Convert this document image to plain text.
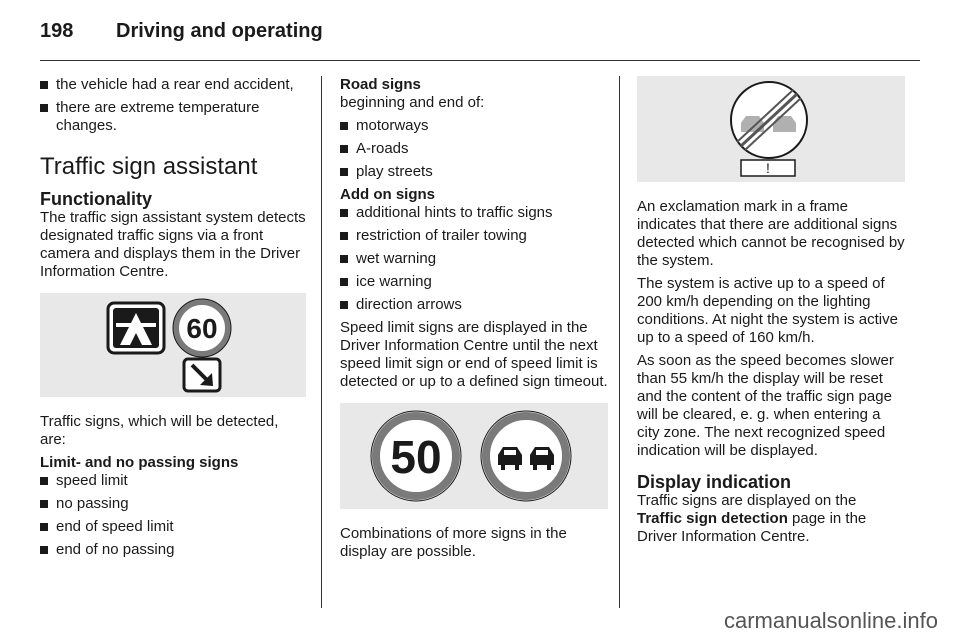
198 Driving and operating
the vehicle had a rear end accident,
there are extreme temperature changes.
Traffic sign assistant
Functionality

The traffic sign assistant system detects designated traffic signs via a front camera and displays them in the Driver Information Centre.

60

Traffic signs, which will be detected, are:

Limit- and no passing signs
speed limit
no passing
end of speed limit
end of no passing
Road signs

beginning and end of:

motorways
A-roads
play streets
Add on signs
additional hints to traffic signs
restriction of trailer towing
wet warning
ice warning
direction arrows

Speed limit signs are displayed in the Driver Information Centre until the next speed limit sign or end of speed limit is detected or up to a defined sign timeout.

50

Combinations of more signs in the display are possible.

!

An exclamation mark in a frame indicates that there are additional signs detected which cannot be recognised by the system.

The system is active up to a speed of 200 km/h depending on the lighting conditions. At night the system is active up to a speed of 160 km/h.

As soon as the speed becomes slower than 55 km/h the display will be reset and the content of the traffic sign page will be cleared, e. g. when entering a city zone. The next recognized speed indication will be displayed.

Display indication

Traffic signs are displayed on the
Traffic sign detection page in the Driver Information Centre.

carmanualsonline.info
